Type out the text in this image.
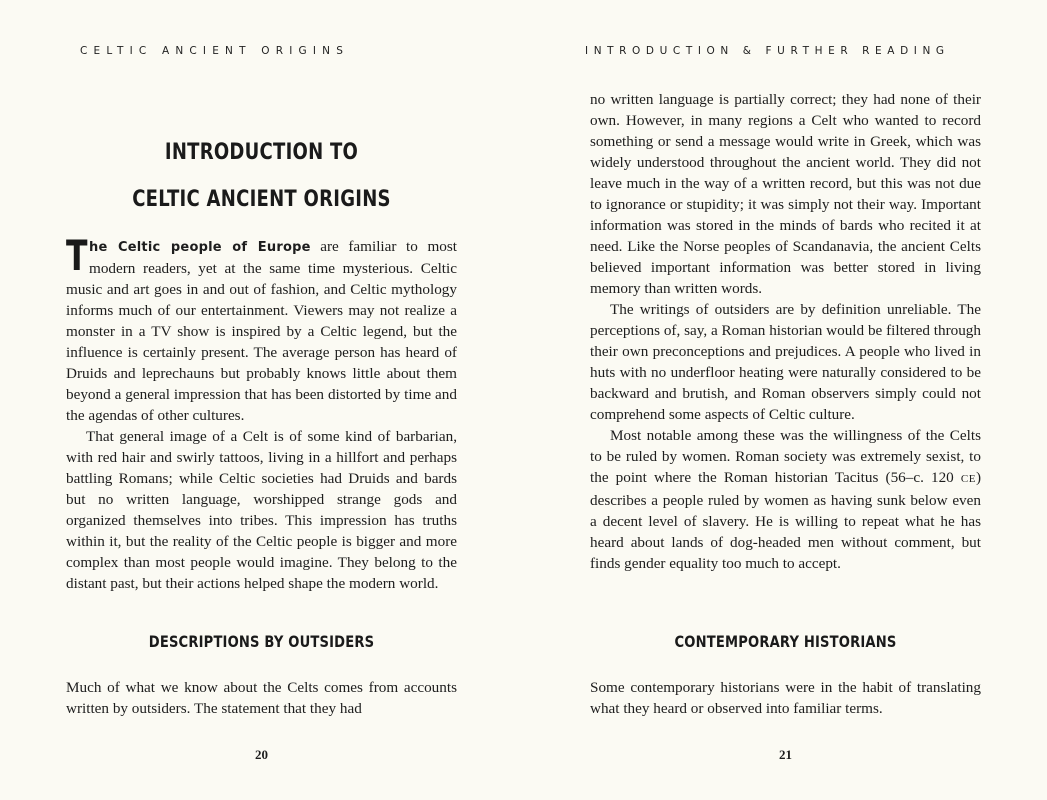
CELTIC ANCIENT ORIGINS
INTRODUCTION TO
CELTIC ANCIENT ORIGINS

The Celtic people of Europe are familiar to most modern readers, yet at the same time mysterious. Celtic music and art goes in and out of fashion, and Celtic mythology informs much of our entertainment. Viewers may not realize a monster in a TV show is inspired by a Celtic legend, but the influence is certainly present. The average person has heard of Druids and leprechauns but probably knows little about them beyond a general impression that has been distorted by time and the agendas of other cultures.

That general image of a Celt is of some kind of barbarian, with red hair and swirly tattoos, living in a hillfort and perhaps battling Romans; while Celtic societies had Druids and bards but no written language, worshipped strange gods and organized themselves into tribes. This impression has truths within it, but the reality of the Celtic people is bigger and more complex than most people would imagine. They belong to the distant past, but their actions helped shape the modern world.

DESCRIPTIONS BY OUTSIDERS

Much of what we know about the Celts comes from accounts written by outsiders. The statement that they had

20
INTRODUCTION & FURTHER READING

no written language is partially correct; they had none of their own. However, in many regions a Celt who wanted to record something or send a message would write in Greek, which was widely understood throughout the ancient world. They did not leave much in the way of a written record, but this was not due to ignorance or stupidity; it was simply not their way. Important information was stored in the minds of bards who recited it at need. Like the Norse peoples of Scandanavia, the ancient Celts believed important information was better stored in living memory than written words.

The writings of outsiders are by definition unreliable. The perceptions of, say, a Roman historian would be filtered through their own preconceptions and prejudices. A people who lived in huts with no underfloor heating were naturally considered to be backward and brutish, and Roman observers simply could not comprehend some aspects of Celtic culture.

Most notable among these was the willingness of the Celts to be ruled by women. Roman society was extremely sexist, to the point where the Roman historian Tacitus (56–c. 120 CE) describes a people ruled by women as having sunk below even a decent level of slavery. He is willing to repeat what he has heard about lands of dog-headed men without comment, but finds gender equality too much to accept.

CONTEMPORARY HISTORIANS

Some contemporary historians were in the habit of translating what they heard or observed into familiar terms.

21
